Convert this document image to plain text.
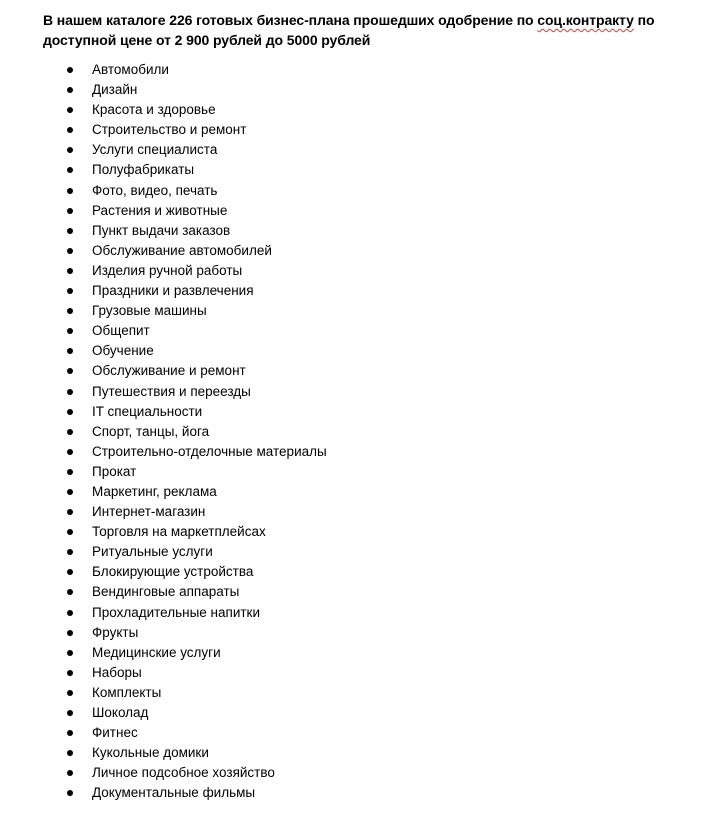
В нашем каталоге 226 готовых бизнес-плана прошедших одобрение по соц.контракту по доступной цене от 2 900 рублей до 5000 рублей
Автомобили
Дизайн
Красота и здоровье
Строительство и ремонт
Услуги специалиста
Полуфабрикаты
Фото, видео, печать
Растения и животные
Пункт выдачи заказов
Обслуживание автомобилей
Изделия ручной работы
Праздники и развлечения
Грузовые машины
Общепит
Обучение
Обслуживание и ремонт
Путешествия и переезды
IT специальности
Спорт, танцы, йога
Строительно-отделочные материалы
Прокат
Маркетинг, реклама
Интернет-магазин
Торговля на маркетплейсах
Ритуальные услуги
Блокирующие устройства
Вендинговые аппараты
Прохладительные напитки
Фрукты
Медицинские услуги
Наборы
Комплекты
Шоколад
Фитнес
Кукольные домики
Личное подсобное хозяйство
Документальные фильмы
